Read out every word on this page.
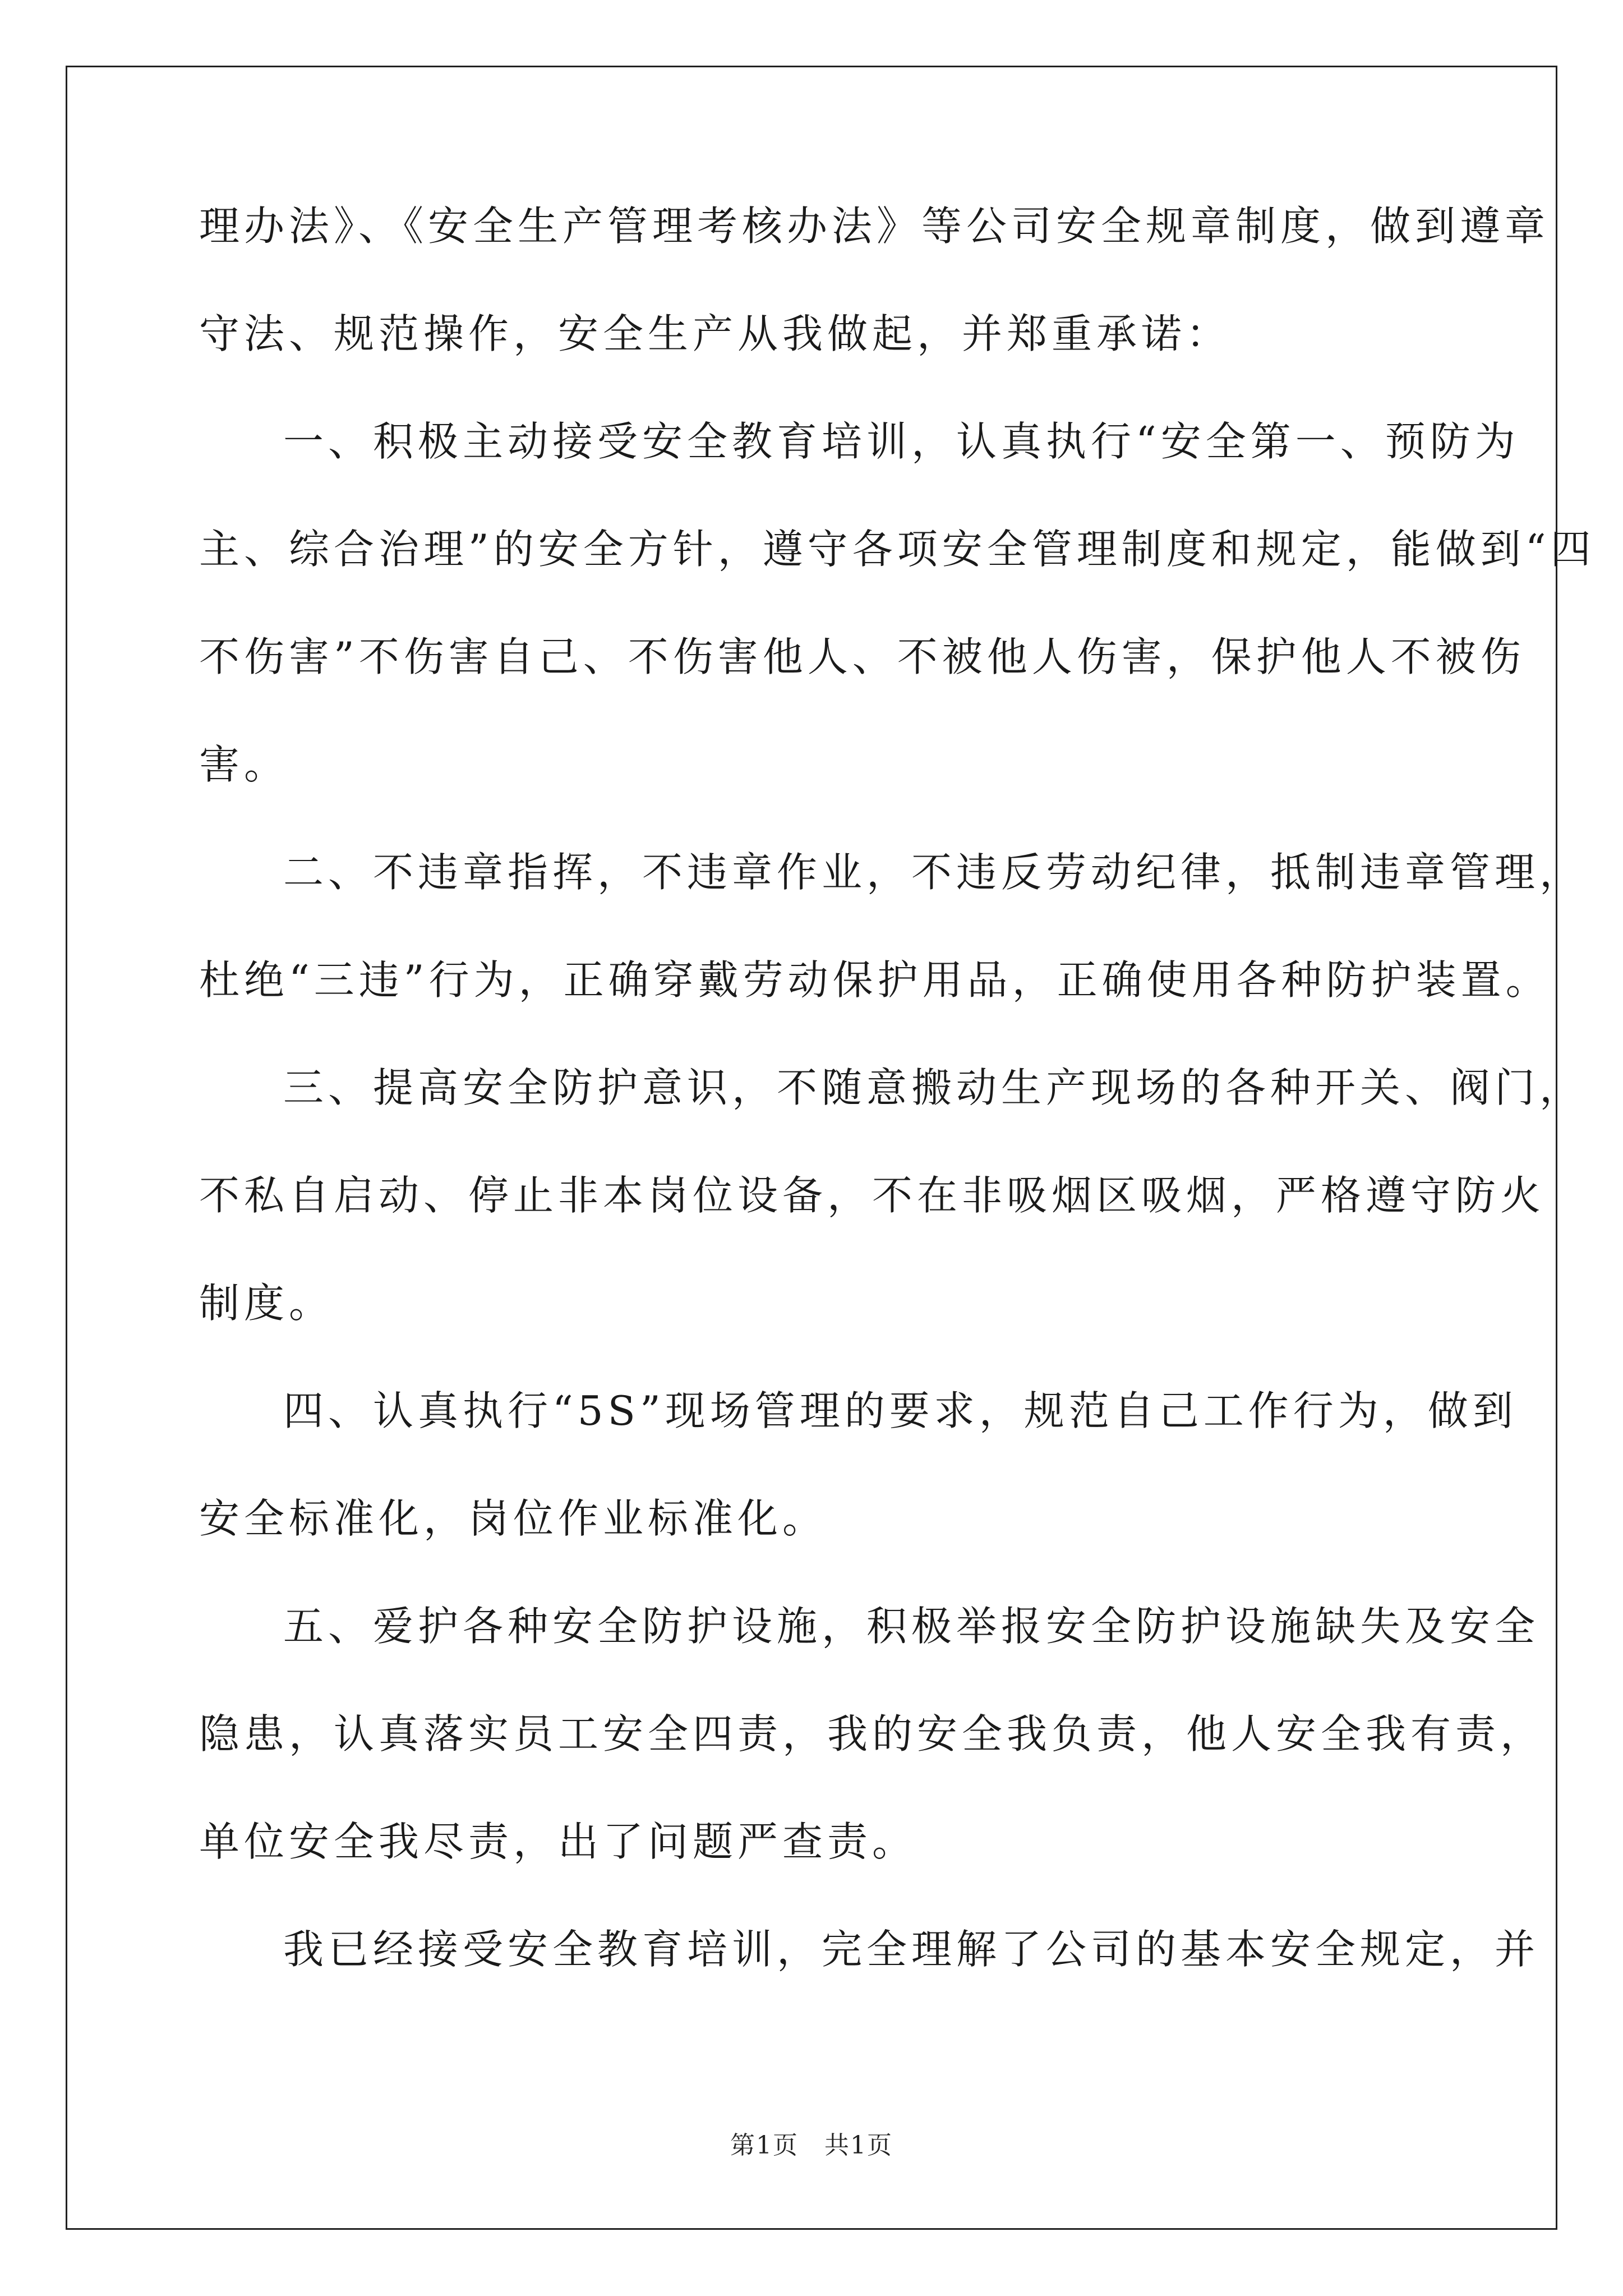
理办法》、《安全生产管理考核办法》等公司安全规章制度，做到遵章

守法、规范操作，安全生产从我做起，并郑重承诺：

一、积极主动接受安全教育培训，认真执行“安全第一、预防为

主、综合治理”的安全方针，遵守各项安全管理制度和规定，能做到“四

不伤害”不伤害自己、不伤害他人、不被他人伤害，保护他人不被伤

害。

二、不违章指挥，不违章作业，不违反劳动纪律，抵制违章管理，

杜绝“三违”行为，正确穿戴劳动保护用品，正确使用各种防护装置。

三、提高安全防护意识，不随意搬动生产现场的各种开关、阀门，

不私自启动、停止非本岗位设备，不在非吸烟区吸烟，严格遵守防火

制度。

四、认真执行“5S”现场管理的要求，规范自己工作行为，做到

安全标准化，岗位作业标准化。

五、爱护各种安全防护设施，积极举报安全防护设施缺失及安全

隐患，认真落实员工安全四责，我的安全我负责，他人安全我有责，

单位安全我尽责，出了问题严查责。

我已经接受安全教育培训，完全理解了公司的基本安全规定，并

第1页　共1页
